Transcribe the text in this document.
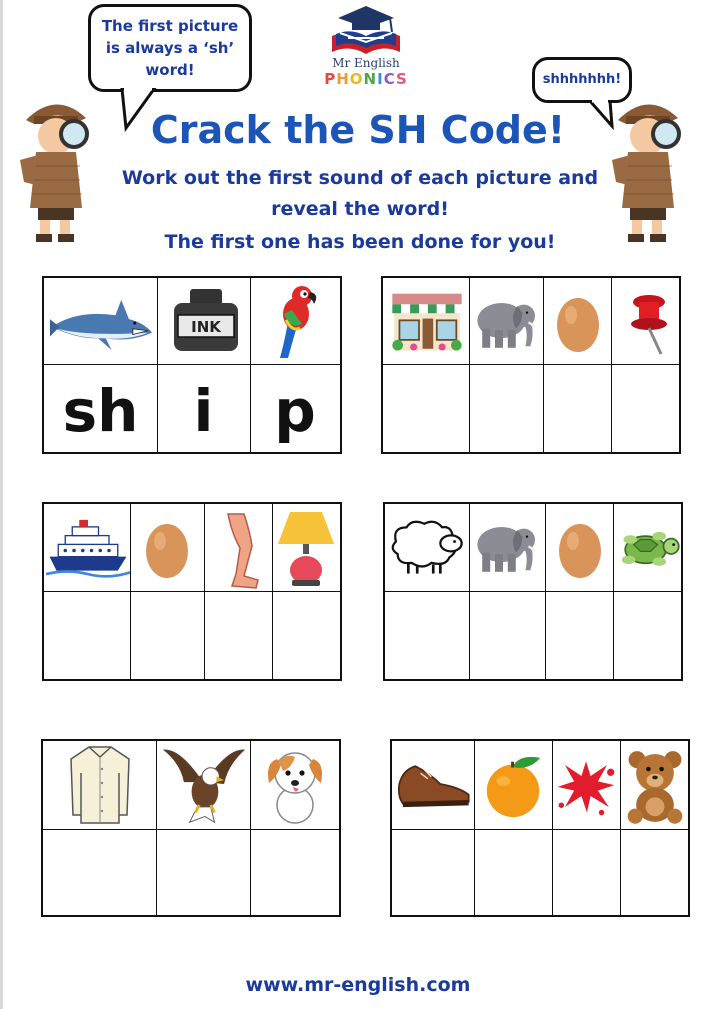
The first picture
is always a ‘sh’
word!
shhhhhhh!
Mr English
PHONICS
Crack the SH Code!
Work out the first sound of each picture and
reveal the word!
The first one has been done for you!
sh i	p
www.mr-english.com
